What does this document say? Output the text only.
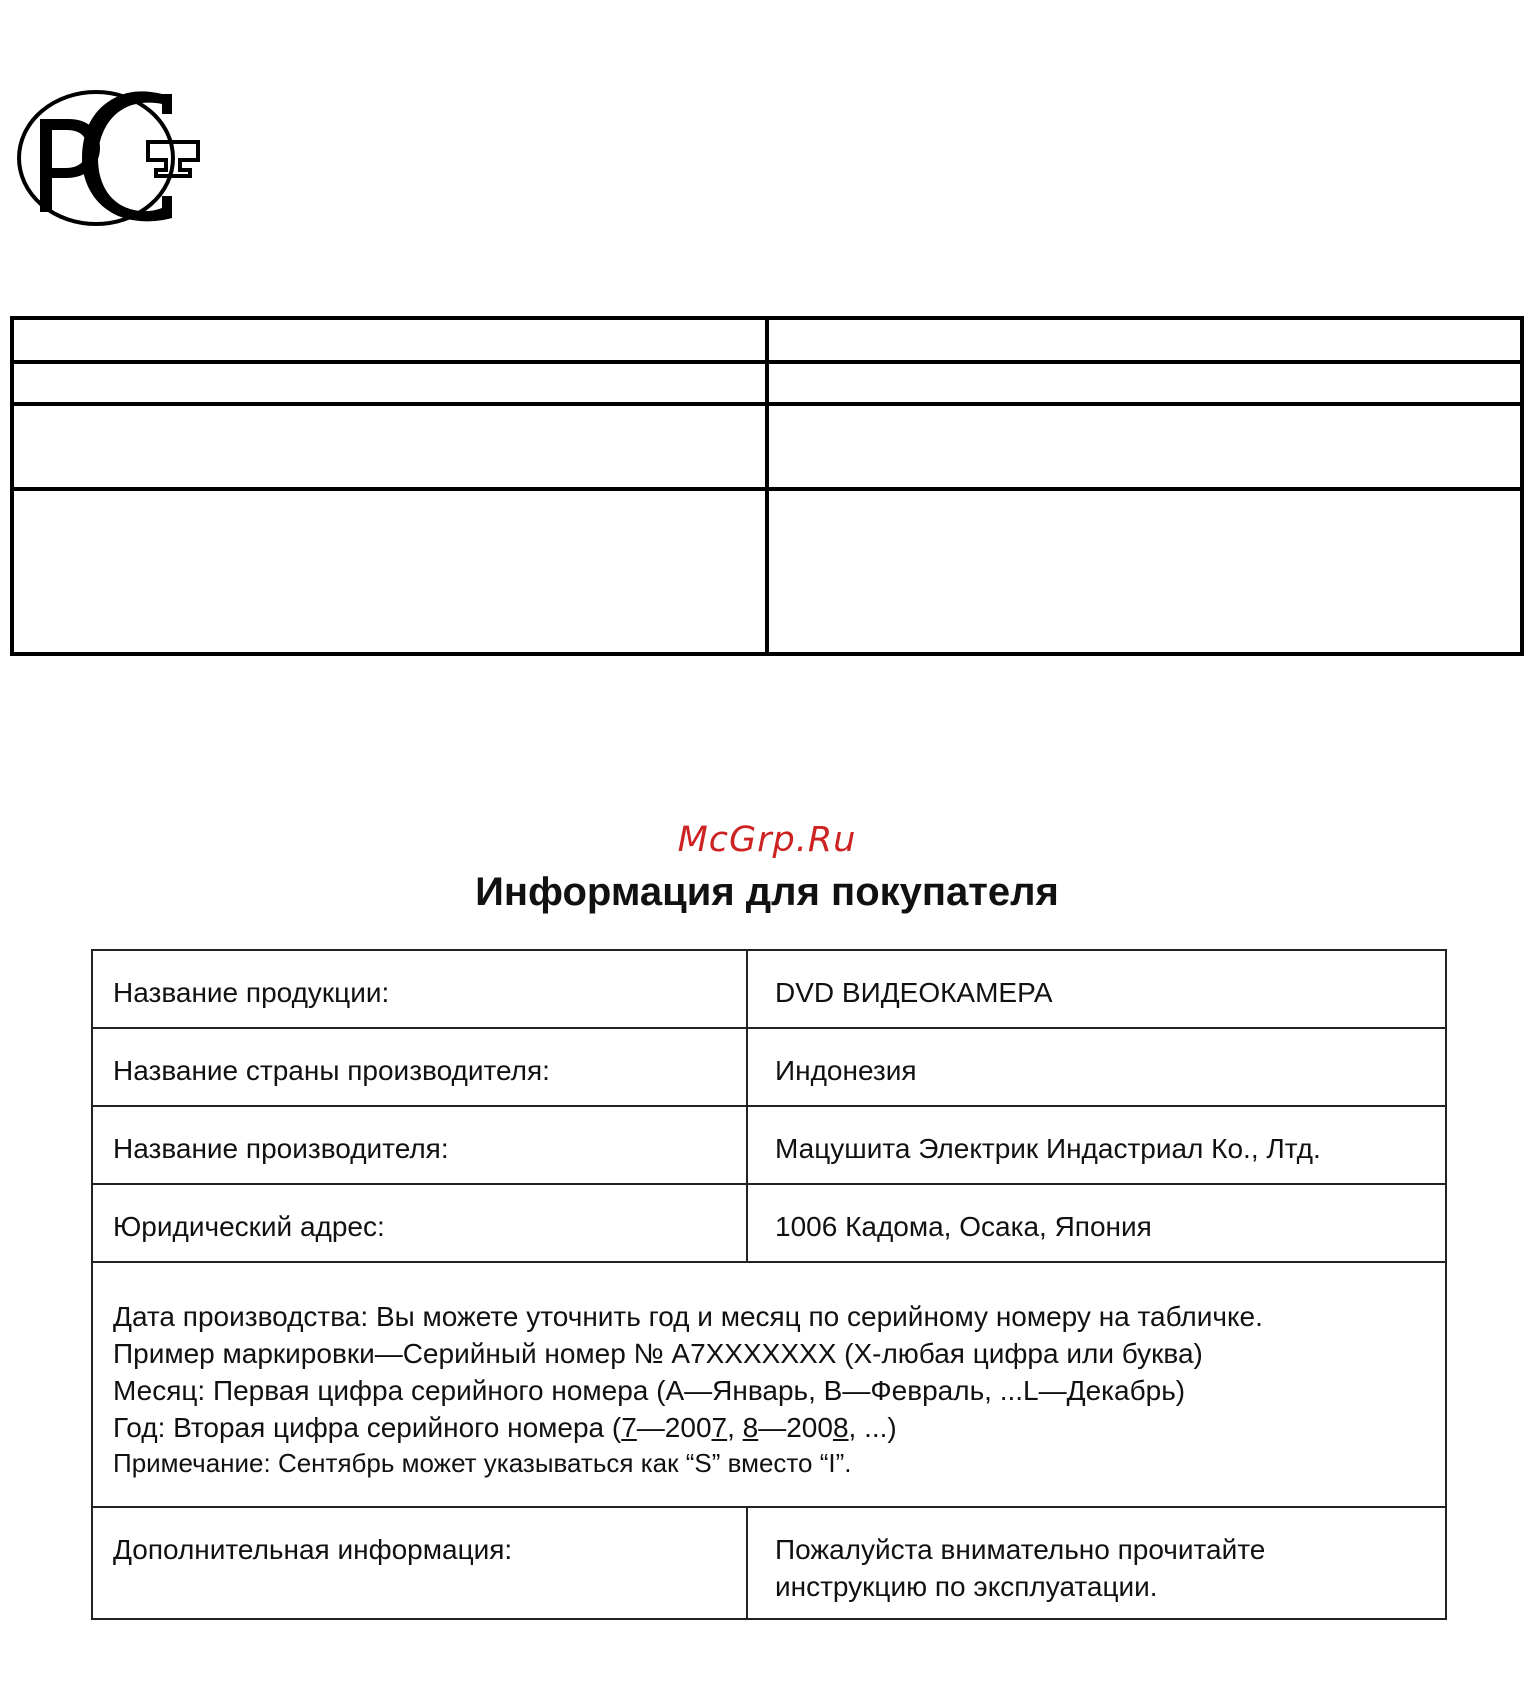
McGrp.Ru
Информация для покупателя
Название продукции:	DVD ВИДЕОКАМЕРА
Название страны производителя:	Индонезия
Название производителя:	Мацушита Электрик Индастриал Ко., Лтд.
Юридический адрес:	1006 Кадома, Осака, Япония

Дата производства: Вы можете уточнить год и месяц по серийному номеру на табличке.
Пример маркировки—Серийный номер № A7XXXXXXX (X-любая цифра или буква)
Месяц: Первая цифра серийного номера (A—Январь, B—Февраль, ...L—Декабрь)
Год: Вторая цифра серийного номера (7—2007, 8—2008, ...)
Примечание: Сентябрь может указываться как “S” вместо “I”.	

Дополнительная информация:	Пожалуйста внимательно прочитайте
инструкцию по эксплуатации.
